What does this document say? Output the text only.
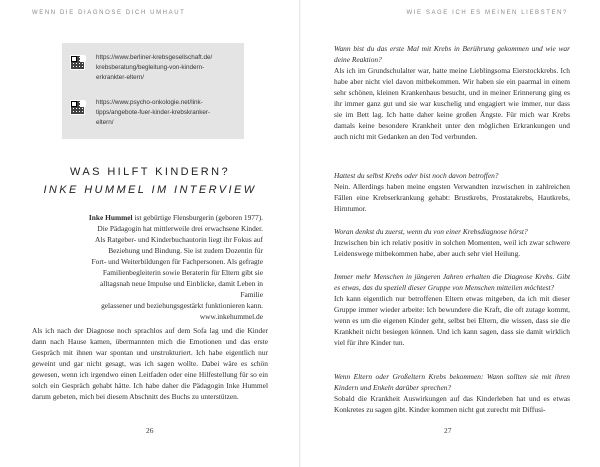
WENN DIE DIAGNOSE DICH UMHAUT
https://www.berliner-krebsgesellschaft.de/
krebsberatung/begleitung-von-kindern-
erkrankter-eltern/
https://www.psycho-onkologie.net/link-
tipps/angebote-fuer-kinder-krebskranker-
eltern/
WAS HILFT KINDERN?
INKE HUMMEL IM INTERVIEW
Inke Hummel ist gebürtige Flensburgerin (geboren 1977).
Die Pädagogin hat mittlerweile drei erwachsene Kinder.
Als Ratgeber- und Kinderbuchautorin liegt ihr Fokus auf
Beziehung und Bindung. Sie ist zudem Dozentin für
Fort- und Weiterbildungen für Fachpersonen. Als gefragte
Familienbegleiterin sowie Beraterin für Eltern gibt sie
alltagsnah neue Impulse und Einblicke, damit Leben in Familie
gelassener und beziehungsgestärkt funktionieren kann.
www.inkehummel.de

Als ich nach der Diagnose noch sprachlos auf dem Sofa lag und die Kinder dann nach Hause kamen, übermannten mich die Emotionen und das erste Gespräch mit ihnen war spontan und unstrukturiert. Ich habe eigentlich nur geweint und gar nicht gesagt, was ich sagen wollte. Dabei wäre es schön gewesen, wenn ich irgendwo einen Leitfaden oder eine Hilfestellung für so ein solch ein Gespräch gehabt hätte. Ich habe daher die Pädagogin Inke Hummel darum gebeten, mich bei diesem Abschnitt des Buchs zu unterstützen.

26
WIE SAGE ICH ES MEINEN LIEBSTEN?
Wann bist du das erste Mal mit Krebs in Berührung gekommen und wie war deine Reaktion?
Als ich im Grundschulalter war, hatte meine Lieblingsoma Eierstockkrebs. Ich habe aber nicht viel davon mitbekommen. Wir haben sie ein paarmal in einem sehr schönen, kleinen Krankenhaus besucht, und in meiner Erinnerung ging es ihr immer ganz gut und sie war kuschelig und engagiert wie immer, nur dass sie im Bett lag. Ich hatte daher keine großen Ängste. Für mich war Krebs damals keine besondere Krankheit unter den möglichen Erkrankungen und auch nicht mit Gedanken an den Tod verbunden.
Hattest du selbst Krebs oder bist noch davon betroffen?
Nein. Allerdings haben meine engsten Verwandten inzwischen in zahlreichen Fällen eine Krebserkrankung gehabt: Brustkrebs, Prostatakrebs, Hautkrebs, Hirntumor.
Woran denkst du zuerst, wenn du von einer Krebsdiagnose hörst?
Inzwischen bin ich relativ positiv in solchen Momenten, weil ich zwar schwere Leidenswege mitbekommen habe, aber auch sehr viel Heilung.
Immer mehr Menschen in jüngeren Jahren erhalten die Diagnose Krebs. Gibt es etwas, das du speziell dieser Gruppe von Menschen mitteilen möchtest?
Ich kann eigentlich nur betroffenen Eltern etwas mitgeben, da ich mit dieser Gruppe immer wieder arbeite: Ich bewundere die Kraft, die oft zutage kommt, wenn es um die eigenen Kinder geht, selbst bei Eltern, die wissen, dass sie die Krankheit nicht besiegen können. Und ich kann sagen, dass sie damit wirklich viel für ihre Kinder tun.
Wenn Eltern oder Großeltern Krebs bekommen: Wann sollten sie mit ihren Kindern und Enkeln darüber sprechen?
Sobald die Krankheit Auswirkungen auf das Kinderleben hat und es etwas Konkretes zu sagen gibt. Kinder kommen nicht gut zurecht mit Diffusi-
27
